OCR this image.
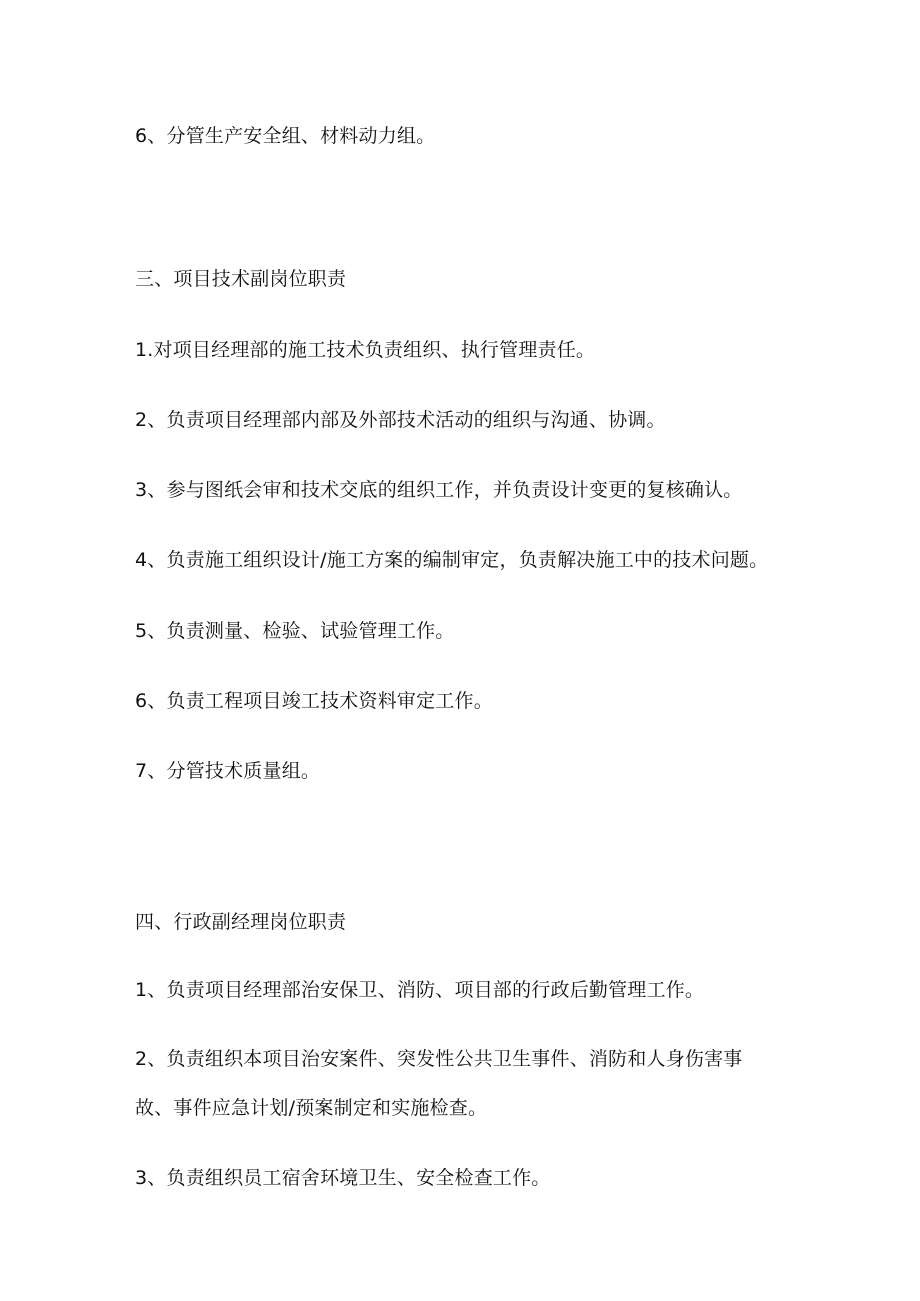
6、分管生产安全组、材料动力组。
三、项目技术副岗位职责
1.对项目经理部的施工技术负责组织、执行管理责任。
2、负责项目经理部内部及外部技术活动的组织与沟通、协调。
3、参与图纸会审和技术交底的组织工作，并负责设计变更的复核确认。
4、负责施工组织设计/施工方案的编制审定，负责解决施工中的技术问题。
5、负责测量、检验、试验管理工作。
6、负责工程项目竣工技术资料审定工作。
7、分管技术质量组。
四、行政副经理岗位职责
1、负责项目经理部治安保卫、消防、项目部的行政后勤管理工作。
2、负责组织本项目治安案件、突发性公共卫生事件、消防和人身伤害事
故、事件应急计划/预案制定和实施检查。
3、负责组织员工宿舍环境卫生、安全检查工作。
